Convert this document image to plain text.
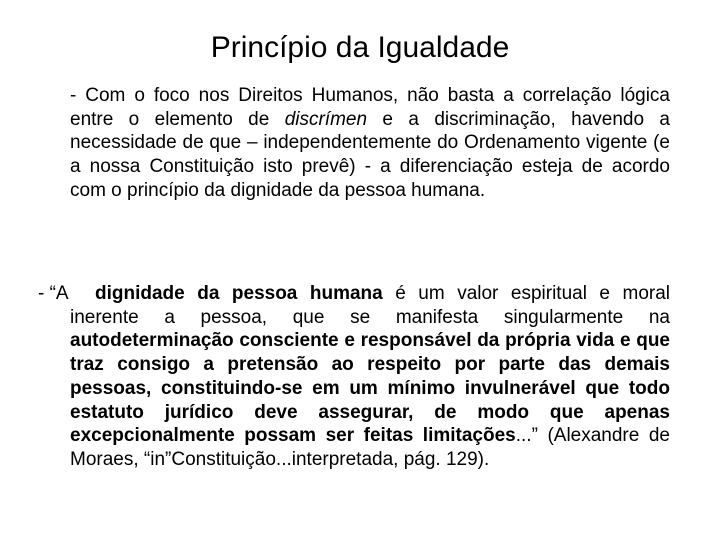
Princípio da Igualdade
- Com o foco nos Direitos Humanos, não basta a correlação lógica entre o elemento de discrímen e a discriminação, havendo a necessidade de que – independentemente do Ordenamento vigente (e a nossa Constituição isto prevê) - a diferenciação esteja de acordo com o princípio da dignidade da pessoa humana.
- “A dignidade da pessoa humana é um valor espiritual e moral inerente a pessoa, que se manifesta singularmente na autodeterminação consciente e responsável da própria vida e que traz consigo a pretensão ao respeito por parte das demais pessoas, constituindo-se em um mínimo invulnerável que todo estatuto jurídico deve assegurar, de modo que apenas excepcionalmente possam ser feitas limitações...” (Alexandre de Moraes, “in”Constituição...interpretada, pág. 129).
